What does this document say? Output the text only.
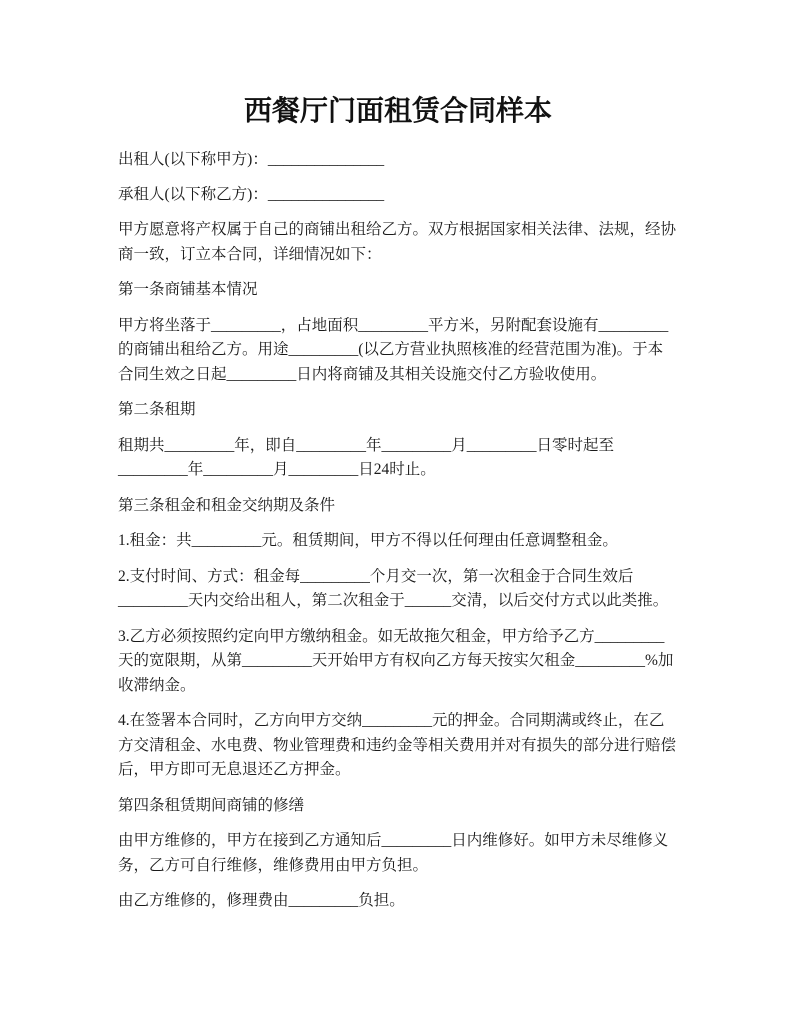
西餐厅门面租赁合同样本

出租人(以下称甲方)：_______________

承租人(以下称乙方)：_______________

甲方愿意将产权属于自己的商铺出租给乙方。双方根据国家相关法律、法规，经协
商一致，订立本合同，详细情况如下：

第一条商铺基本情况

甲方将坐落于_________，占地面积_________平方米，另附配套设施有_________
的商铺出租给乙方。用途_________(以乙方营业执照核准的经营范围为准)。于本
合同生效之日起_________日内将商铺及其相关设施交付乙方验收使用。

第二条租期

租期共_________年，即自_________年_________月_________日零时起至
_________年_________月_________日24时止。

第三条租金和租金交纳期及条件

1.租金：共_________元。租赁期间，甲方不得以任何理由任意调整租金。

2.支付时间、方式：租金每_________个月交一次，第一次租金于合同生效后
_________天内交给出租人，第二次租金于______交清，以后交付方式以此类推。

3.乙方必须按照约定向甲方缴纳租金。如无故拖欠租金，甲方给予乙方_________
天的宽限期，从第_________天开始甲方有权向乙方每天按实欠租金_________%加
收滞纳金。

4.在签署本合同时，乙方向甲方交纳_________元的押金。合同期满或终止，在乙
方交清租金、水电费、物业管理费和违约金等相关费用并对有损失的部分进行赔偿
后，甲方即可无息退还乙方押金。

第四条租赁期间商铺的修缮

由甲方维修的，甲方在接到乙方通知后_________日内维修好。如甲方未尽维修义
务，乙方可自行维修，维修费用由甲方负担。

由乙方维修的，修理费由_________负担。
